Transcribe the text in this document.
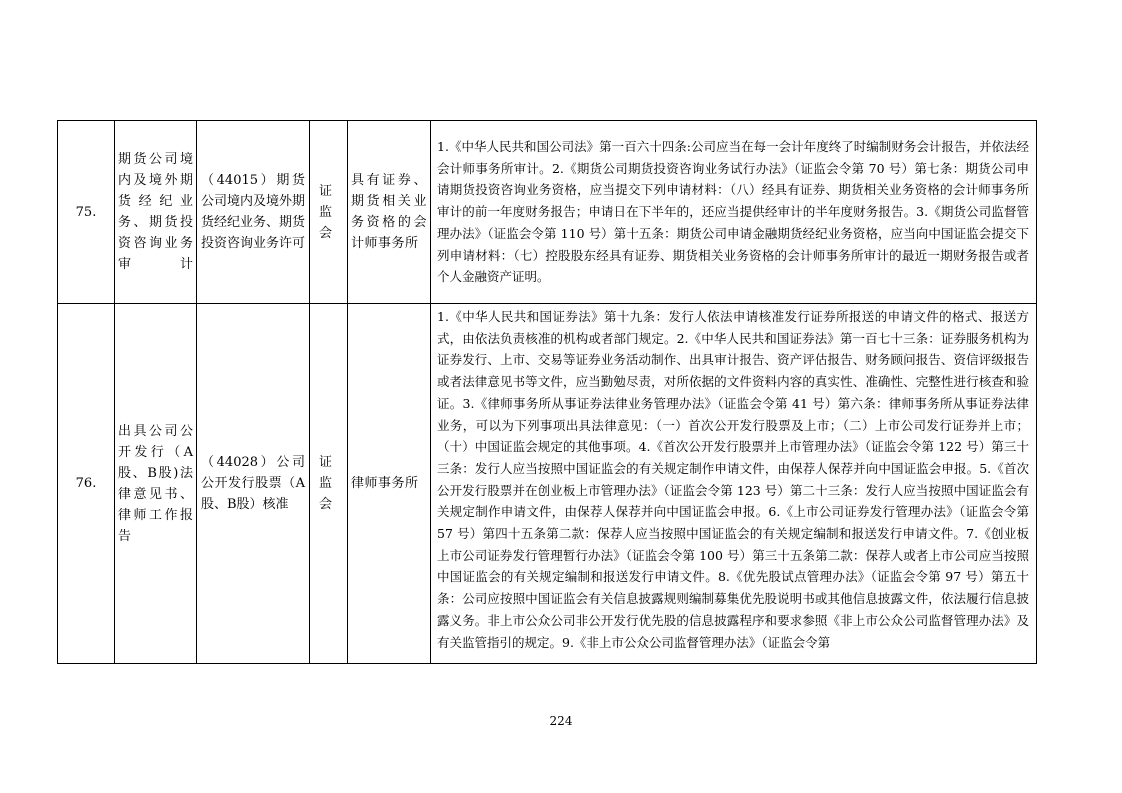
75.	期货公司境内及境外期货经纪业务、期货投资咨询业务审计	（44015）期货公司境内及境外期货经纪业务、期货投资咨询业务许可	证监会	具有证券、期货相关业务资格的会计师事务所	1.《中华人民共和国公司法》第一百六十四条:公司应当在每一会计年度终了时编制财务会计报告，并依法经会计师事务所审计。2.《期货公司期货投资咨询业务试行办法》（证监会令第 70 号）第七条：期货公司申请期货投资咨询业务资格，应当提交下列申请材料：（八）经具有证券、期货相关业务资格的会计师事务所审计的前一年度财务报告；申请日在下半年的，还应当提供经审计的半年度财务报告。3.《期货公司监督管理办法》（证监会令第 110 号）第十五条：期货公司申请金融期货经纪业务资格，应当向中国证监会提交下列申请材料：（七）控股股东经具有证券、期货相关业务资格的会计师事务所审计的最近一期财务报告或者个人金融资产证明。

76.	出具公司公开发行（A股、B股)法律意见书、律师工作报告	（44028）公司公开发行股票（A股、B股）核准	证监会	律师事务所	1.《中华人民共和国证券法》第十九条：发行人依法申请核准发行证券所报送的申请文件的格式、报送方式，由依法负责核准的机构或者部门规定。2.《中华人民共和国证券法》第一百七十三条：证券服务机构为证券发行、上市、交易等证券业务活动制作、出具审计报告、资产评估报告、财务顾问报告、资信评级报告或者法律意见书等文件，应当勤勉尽责，对所依据的文件资料内容的真实性、准确性、完整性进行核查和验证。3.《律师事务所从事证券法律业务管理办法》（证监会令第 41 号）第六条：律师事务所从事证券法律业务，可以为下列事项出具法律意见：（一）首次公开发行股票及上市；（二）上市公司发行证券并上市；（十）中国证监会规定的其他事项。4.《首次公开发行股票并上市管理办法》（证监会令第 122 号）第三十三条：发行人应当按照中国证监会的有关规定制作申请文件，由保荐人保荐并向中国证监会申报。5.《首次公开发行股票并在创业板上市管理办法》（证监会令第 123 号）第二十三条：发行人应当按照中国证监会有关规定制作申请文件，由保荐人保荐并向中国证监会申报。6.《上市公司证券发行管理办法》（证监会令第 57 号）第四十五条第二款：保荐人应当按照中国证监会的有关规定编制和报送发行申请文件。7.《创业板上市公司证券发行管理暂行办法》（证监会令第 100 号）第三十五条第二款：保荐人或者上市公司应当按照中国证监会的有关规定编制和报送发行申请文件。8.《优先股试点管理办法》（证监会令第 97 号）第五十条：公司应按照中国证监会有关信息披露规则编制募集优先股说明书或其他信息披露文件，依法履行信息披露义务。非上市公众公司非公开发行优先股的信息披露程序和要求参照《非上市公众公司监督管理办法》及有关监管指引的规定。9.《非上市公众公司监督管理办法》（证监会令第
224
